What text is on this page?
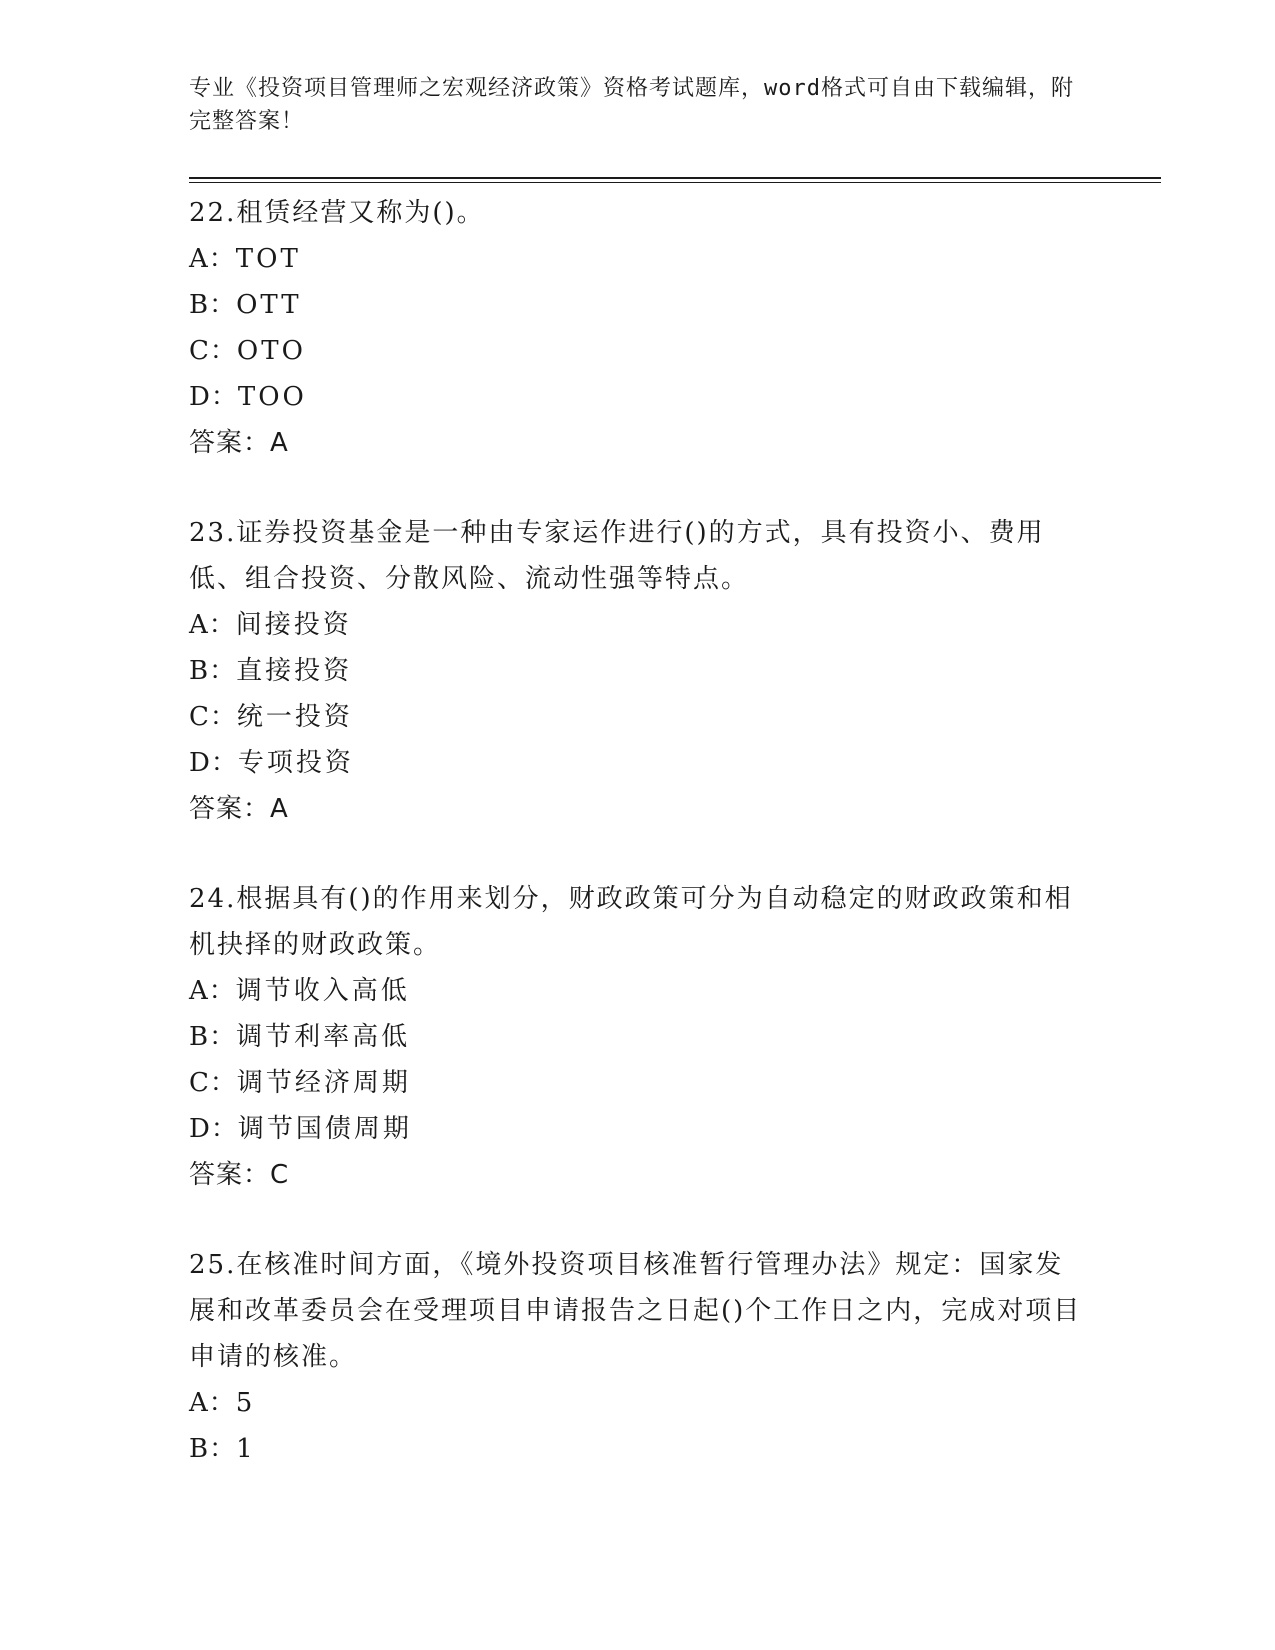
专业《投资项目管理师之宏观经济政策》资格考试题库，word格式可自由下载编辑，附完整答案！

22.租赁经营又称为()。

A：TOT

B：OTT

C：OTO

D：TOO

答案：A

23.证券投资基金是一种由专家运作进行()的方式，具有投资小、费用低、组合投资、分散风险、流动性强等特点。

A：间接投资

B：直接投资

C：统一投资

D：专项投资

答案：A

24.根据具有()的作用来划分，财政政策可分为自动稳定的财政政策和相机抉择的财政政策。

A：调节收入高低

B：调节利率高低

C：调节经济周期

D：调节国债周期

答案：C

25.在核准时间方面，《境外投资项目核准暂行管理办法》规定：国家发展和改革委员会在受理项目申请报告之日起()个工作日之内，完成对项目申请的核准。

A：5

B：1
